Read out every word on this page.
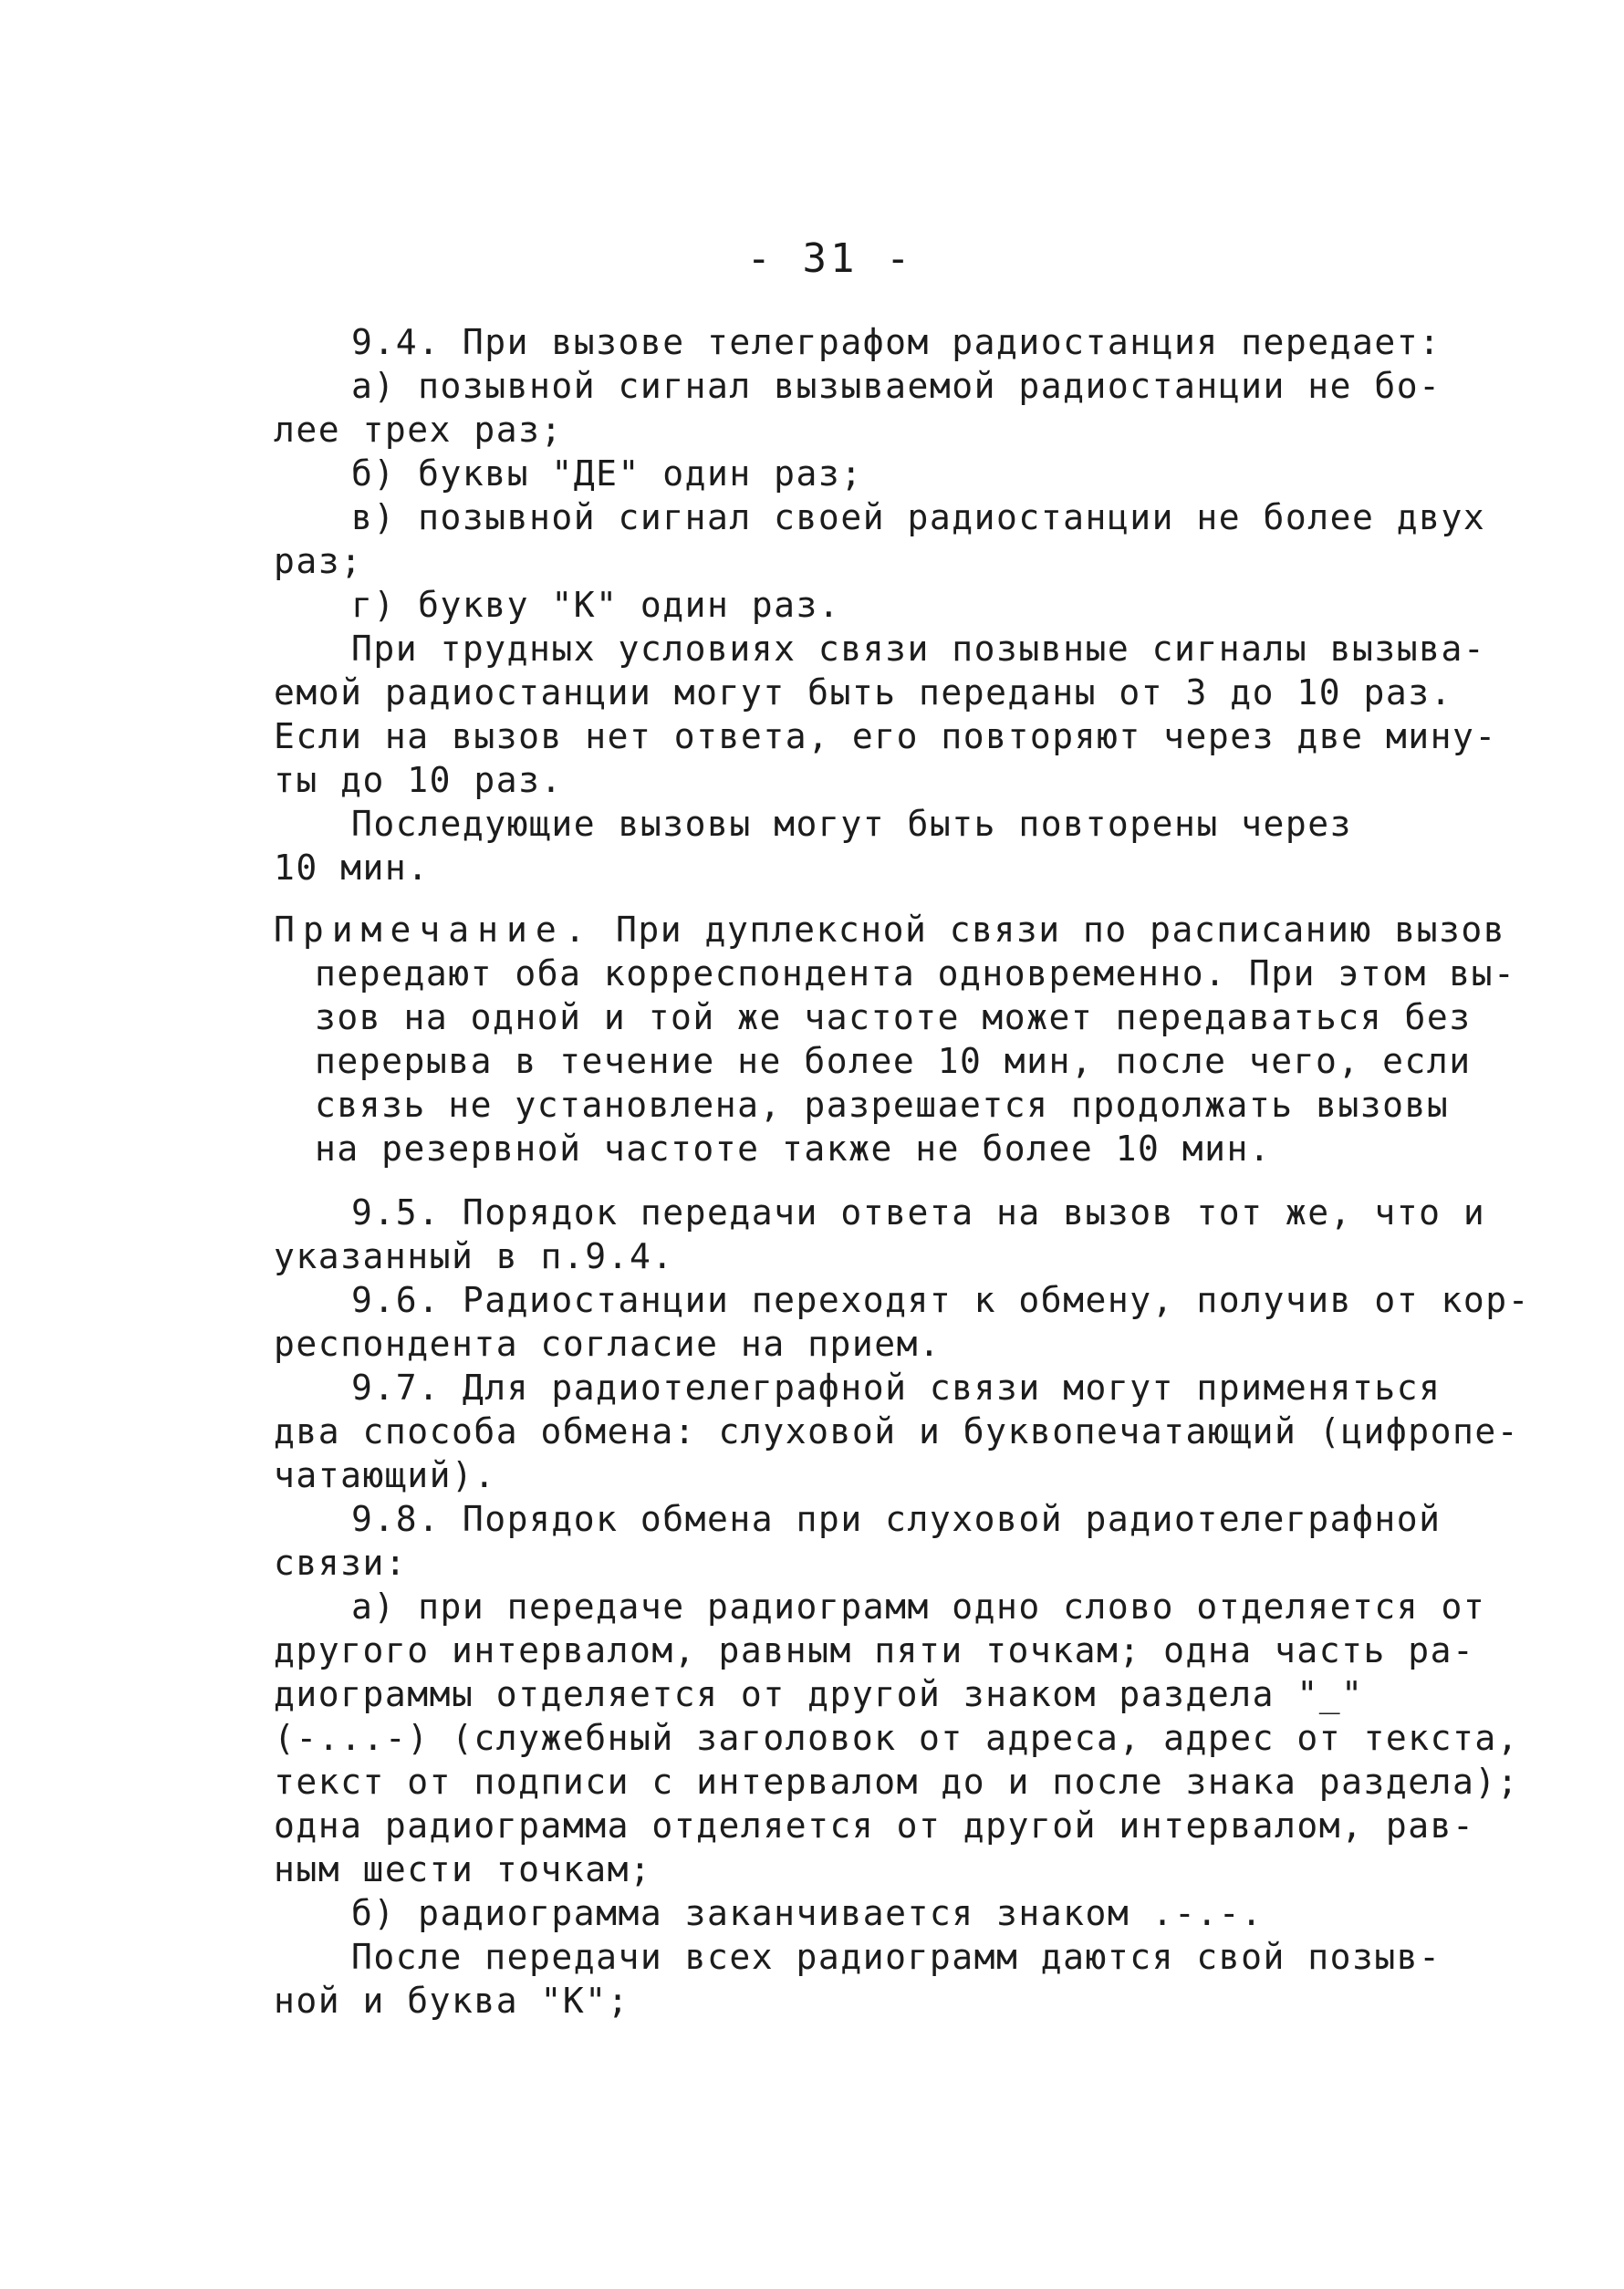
- 31 -
9.4. При вызове телеграфом радиостанция передает:
а) позывной сигнал вызываемой радиостанции не бо-
лее трех раз;
б) буквы "ДЕ" один раз;
в) позывной сигнал своей радиостанции не более двух
раз;
г) букву "К" один раз.
При трудных условиях связи позывные сигналы вызыва-
емой радиостанции могут быть переданы от 3 до 10 раз.
Если на вызов нет ответа, его повторяют через две мину-
ты до 10 раз.
Последующие вызовы могут быть повторены через
10 мин.
Примечание. При дуплексной связи по расписанию вызов
передают оба корреспондента одновременно. При этом вы-
зов на одной и той же частоте может передаваться без
перерыва в течение не более 10 мин, после чего, если
связь не установлена, разрешается продолжать вызовы
на резервной частоте также не более 10 мин.
9.5. Порядок передачи ответа на вызов тот же, что и
указанный в п.9.4.
9.6. Радиостанции переходят к обмену, получив от кор-
респондента согласие на прием.
9.7. Для радиотелеграфной связи могут применяться
два способа обмена: слуховой и буквопечатающий (цифропе-
чатающий).
9.8. Порядок обмена при слуховой радиотелеграфной
связи:
а) при передаче радиограмм одно слово отделяется от
другого интервалом, равным пяти точкам; одна часть ра-
диограммы отделяется от другой знаком раздела "_"
(-...-) (служебный заголовок от адреса, адрес от текста,
текст от подписи с интервалом до и после знака раздела);
одна радиограмма отделяется от другой интервалом, рав-
ным шести точкам;
б) радиограмма заканчивается знаком .-.-.
После передачи всех радиограмм даются свой позыв-
ной и буква "К";
